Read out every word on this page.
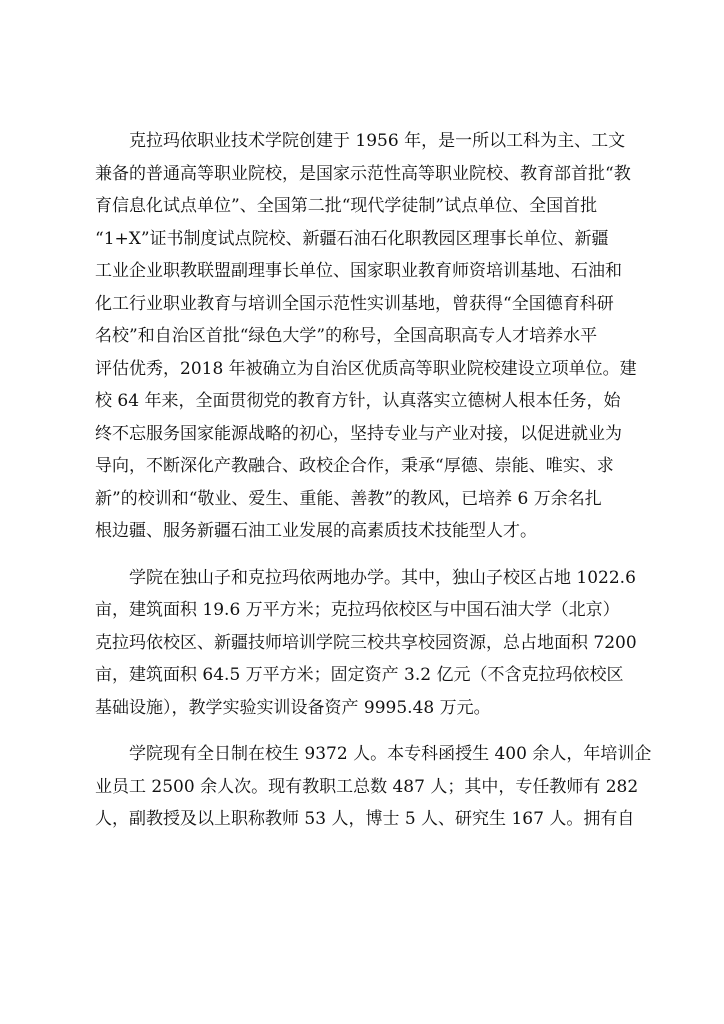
克拉玛依职业技术学院创建于 1956 年，是一所以工科为主、工文
兼备的普通高等职业院校，是国家示范性高等职业院校、教育部首批“教
育信息化试点单位”、全国第二批“现代学徒制”试点单位、全国首批
“1+X”证书制度试点院校、新疆石油石化职教园区理事长单位、新疆
工业企业职教联盟副理事长单位、国家职业教育师资培训基地、石油和
化工行业职业教育与培训全国示范性实训基地，曾获得“全国德育科研
名校”和自治区首批“绿色大学”的称号，全国高职高专人才培养水平
评估优秀，2018 年被确立为自治区优质高等职业院校建设立项单位。建
校 64 年来，全面贯彻党的教育方针，认真落实立德树人根本任务，始
终不忘服务国家能源战略的初心，坚持专业与产业对接，以促进就业为
导向，不断深化产教融合、政校企合作，秉承“厚德、崇能、唯实、求
新”的校训和“敬业、爱生、重能、善教”的教风，已培养 6 万余名扎
根边疆、服务新疆石油工业发展的高素质技术技能型人才。

学院在独山子和克拉玛依两地办学。其中，独山子校区占地 1022.6
亩，建筑面积 19.6 万平方米；克拉玛依校区与中国石油大学（北京）
克拉玛依校区、新疆技师培训学院三校共享校园资源，总占地面积 7200
亩，建筑面积 64.5 万平方米；固定资产 3.2 亿元（不含克拉玛依校区
基础设施），教学实验实训设备资产 9995.48 万元。

学院现有全日制在校生 9372 人。本专科函授生 400 余人，年培训企
业员工 2500 余人次。现有教职工总数 487 人；其中，专任教师有 282
人，副教授及以上职称教师 53 人，博士 5 人、研究生 167 人。拥有自
